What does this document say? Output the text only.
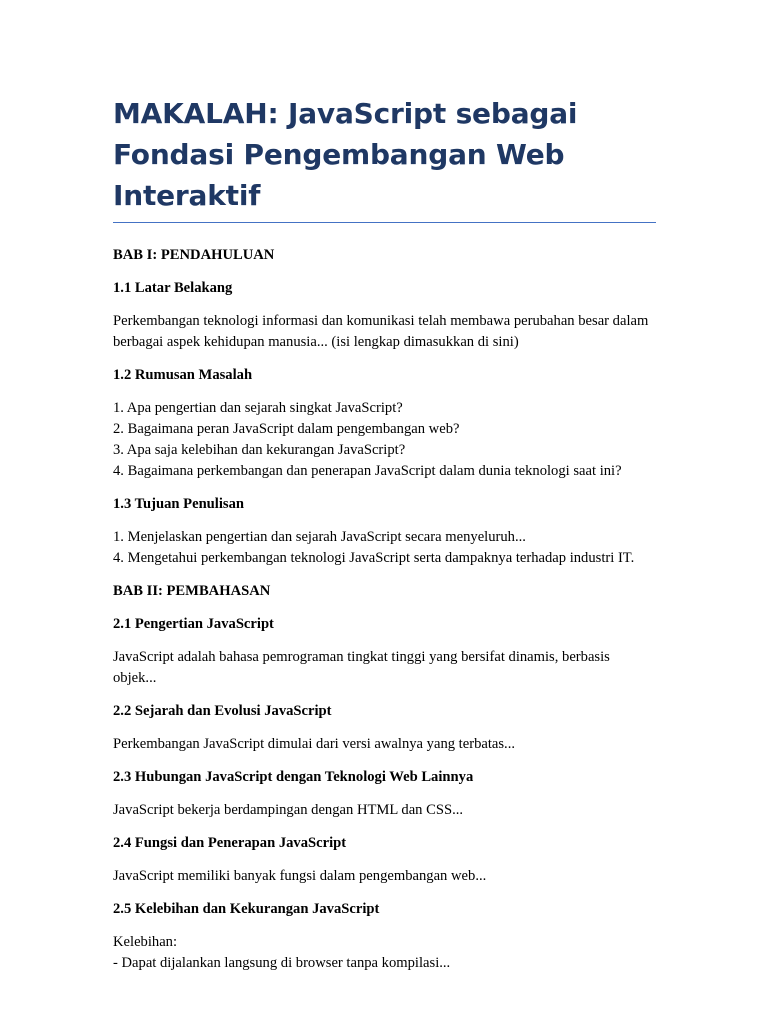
MAKALAH: JavaScript sebagai Fondasi Pengembangan Web Interaktif

BAB I: PENDAHULUAN

1.1 Latar Belakang

Perkembangan teknologi informasi dan komunikasi telah membawa perubahan besar dalam berbagai aspek kehidupan manusia... (isi lengkap dimasukkan di sini)

1.2 Rumusan Masalah

1. Apa pengertian dan sejarah singkat JavaScript?
2. Bagaimana peran JavaScript dalam pengembangan web?
3. Apa saja kelebihan dan kekurangan JavaScript?
4. Bagaimana perkembangan dan penerapan JavaScript dalam dunia teknologi saat ini?

1.3 Tujuan Penulisan

1. Menjelaskan pengertian dan sejarah JavaScript secara menyeluruh...
4. Mengetahui perkembangan teknologi JavaScript serta dampaknya terhadap industri IT.

BAB II: PEMBAHASAN

2.1 Pengertian JavaScript

JavaScript adalah bahasa pemrograman tingkat tinggi yang bersifat dinamis, berbasis objek...

2.2 Sejarah dan Evolusi JavaScript

Perkembangan JavaScript dimulai dari versi awalnya yang terbatas...

2.3 Hubungan JavaScript dengan Teknologi Web Lainnya

JavaScript bekerja berdampingan dengan HTML dan CSS...

2.4 Fungsi dan Penerapan JavaScript

JavaScript memiliki banyak fungsi dalam pengembangan web...

2.5 Kelebihan dan Kekurangan JavaScript

Kelebihan:

- Dapat dijalankan langsung di browser tanpa kompilasi...
